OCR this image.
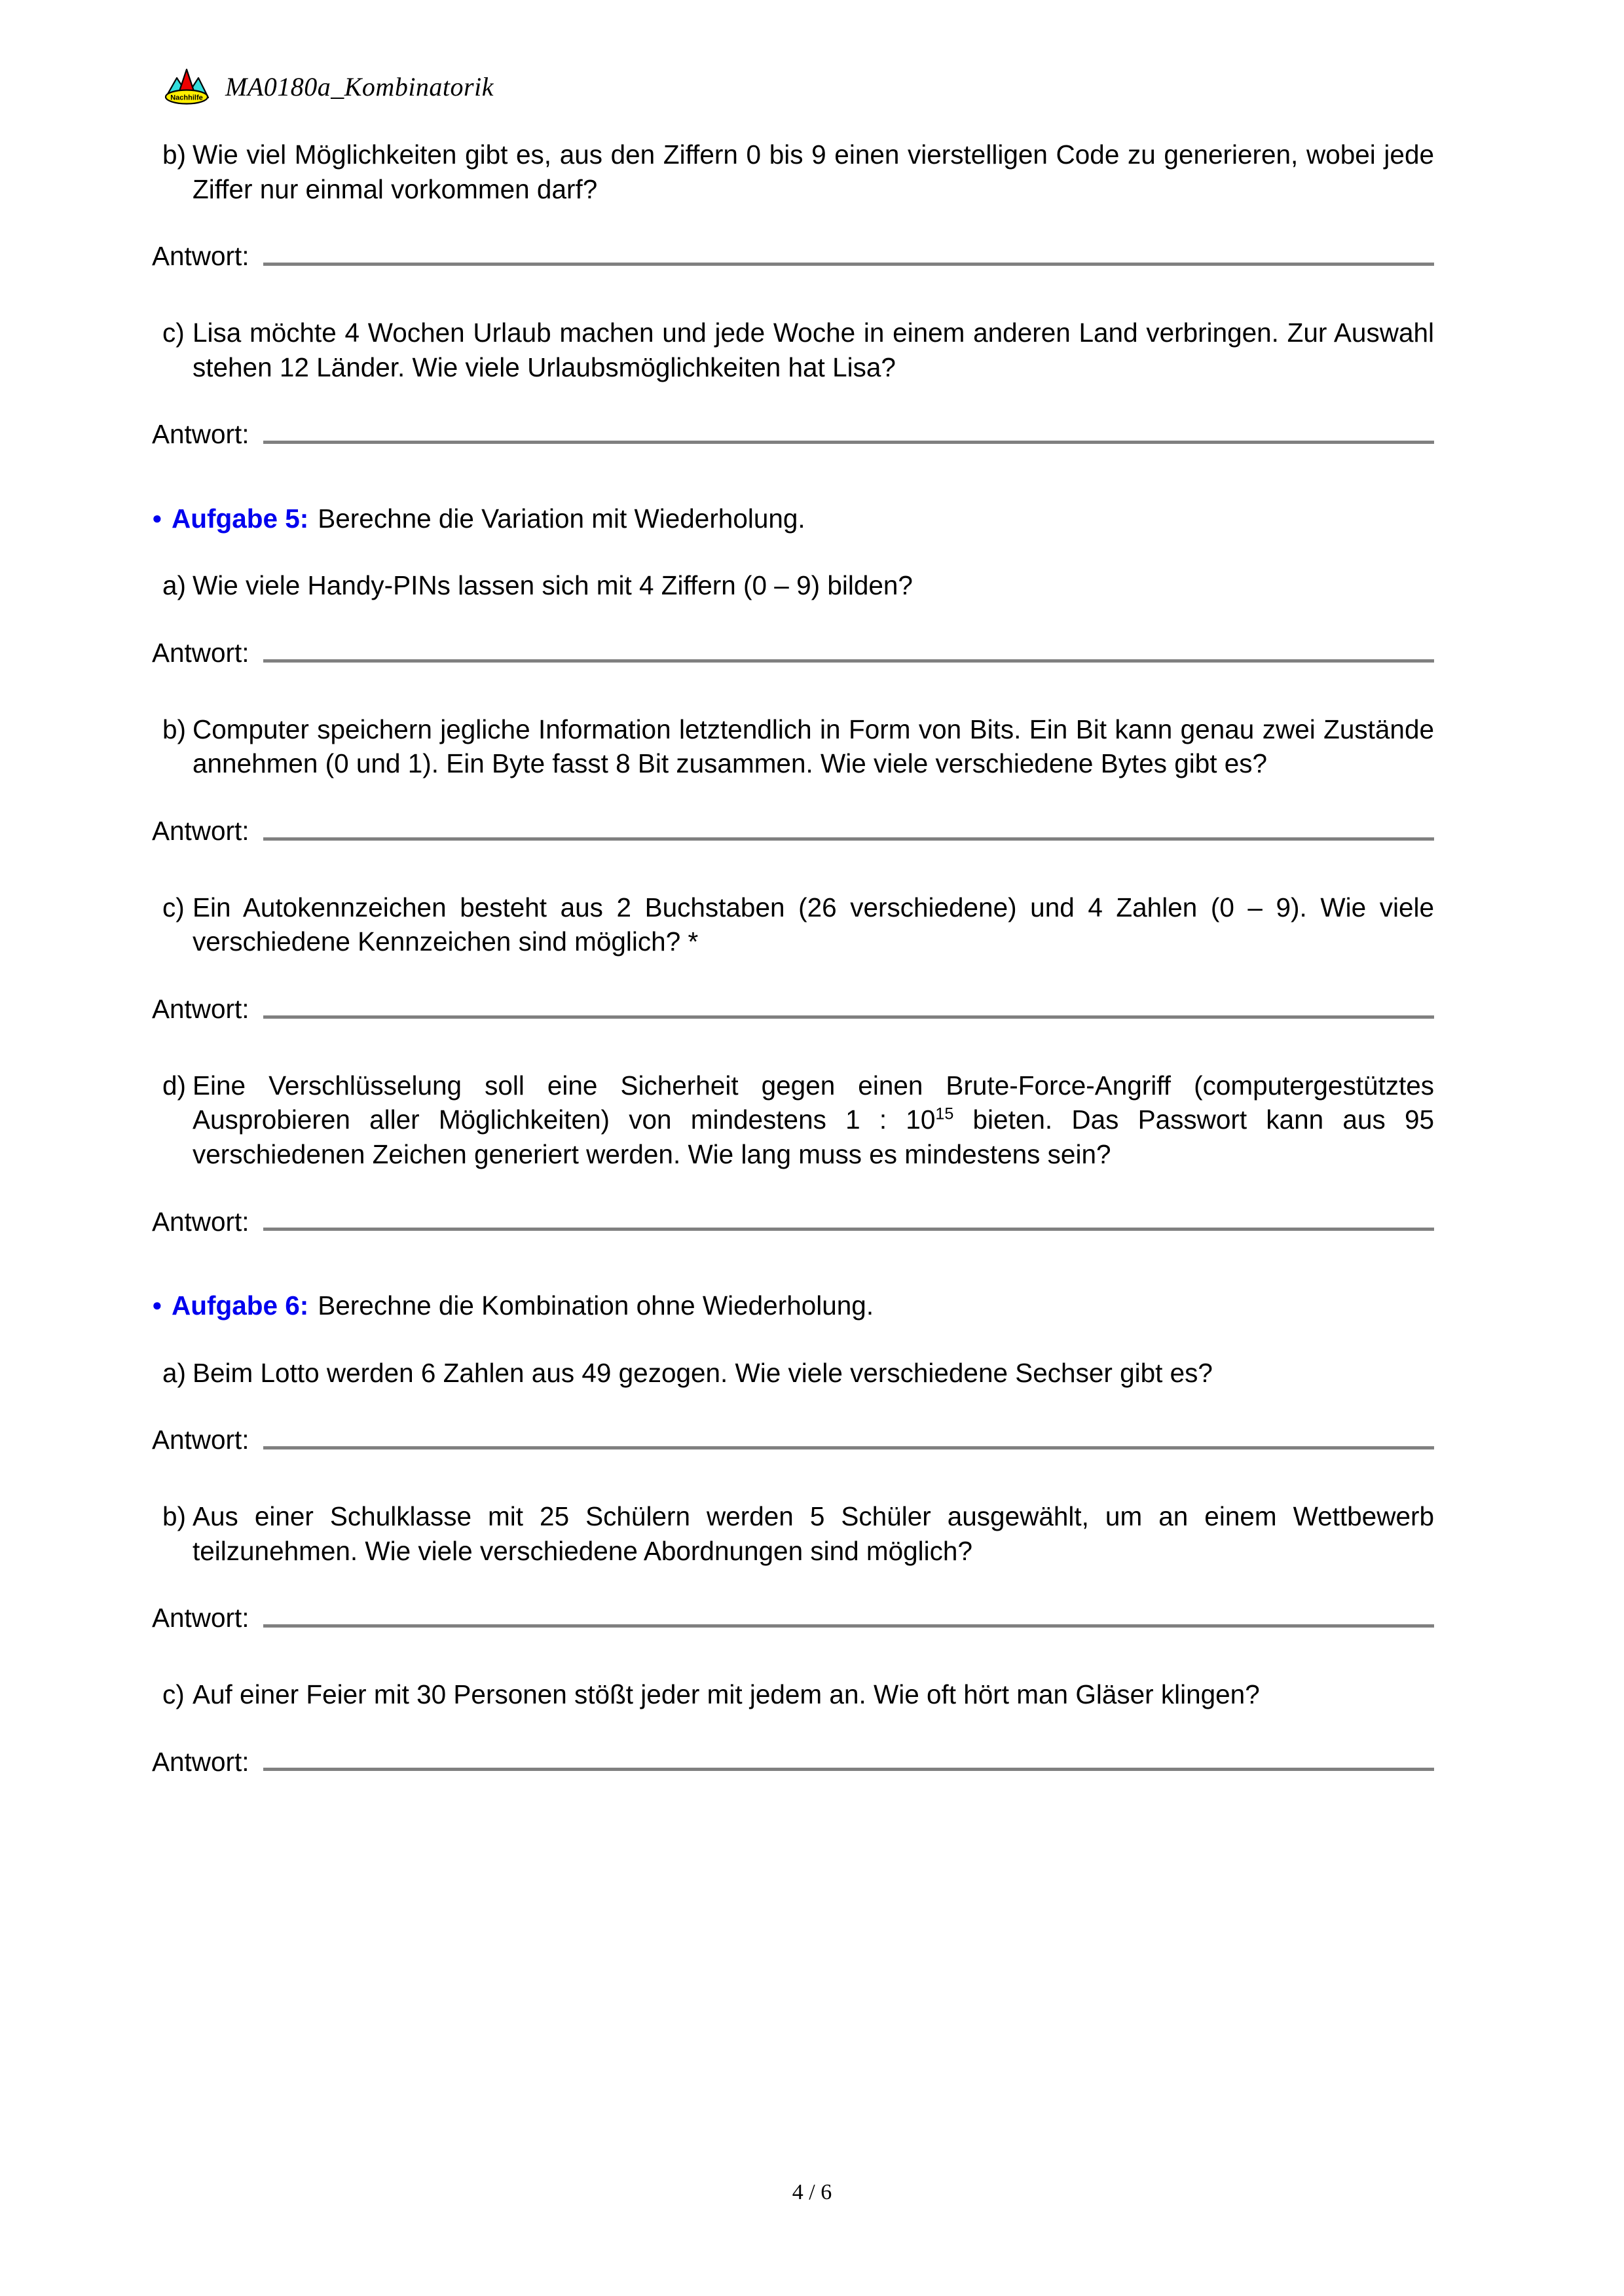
Nachhilfe MA0180a_Kombinatorik
b) Wie viel Möglichkeiten gibt es, aus den Ziffern 0 bis 9 einen vierstelligen Code zu generieren, wobei jede Ziffer nur einmal vorkommen darf?
Antwort:
c) Lisa möchte 4 Wochen Urlaub machen und jede Woche in einem anderen Land verbringen. Zur Auswahl stehen 12 Länder. Wie viele Urlaubsmöglichkeiten hat Lisa?
Antwort:
● Aufgabe 5: Berechne die Variation mit Wiederholung.
a) Wie viele Handy-PINs lassen sich mit 4 Ziffern (0 – 9) bilden?
Antwort:
b) Computer speichern jegliche Information letztendlich in Form von Bits. Ein Bit kann genau zwei Zustände annehmen (0 und 1). Ein Byte fasst 8 Bit zusammen. Wie viele verschiedene Bytes gibt es?
Antwort:
c) Ein Autokennzeichen besteht aus 2 Buchstaben (26 verschiedene) und 4 Zahlen (0 – 9). Wie viele verschiedene Kennzeichen sind möglich? *
Antwort:
d) Eine Verschlüsselung soll eine Sicherheit gegen einen Brute-Force-Angriff (computergestütztes Ausprobieren aller Möglichkeiten) von mindestens 1 : $10^{15}$ bieten. Das Passwort kann aus 95 verschiedenen Zeichen generiert werden. Wie lang muss es mindestens sein?
Antwort:
● Aufgabe 6: Berechne die Kombination ohne Wiederholung.
a) Beim Lotto werden 6 Zahlen aus 49 gezogen. Wie viele verschiedene Sechser gibt es?
Antwort:
b) Aus einer Schulklasse mit 25 Schülern werden 5 Schüler ausgewählt, um an einem Wettbewerb teilzunehmen. Wie viele verschiedene Abordnungen sind möglich?
Antwort:
c) Auf einer Feier mit 30 Personen stößt jeder mit jedem an. Wie oft hört man Gläser klingen?
Antwort:
4 / 6
